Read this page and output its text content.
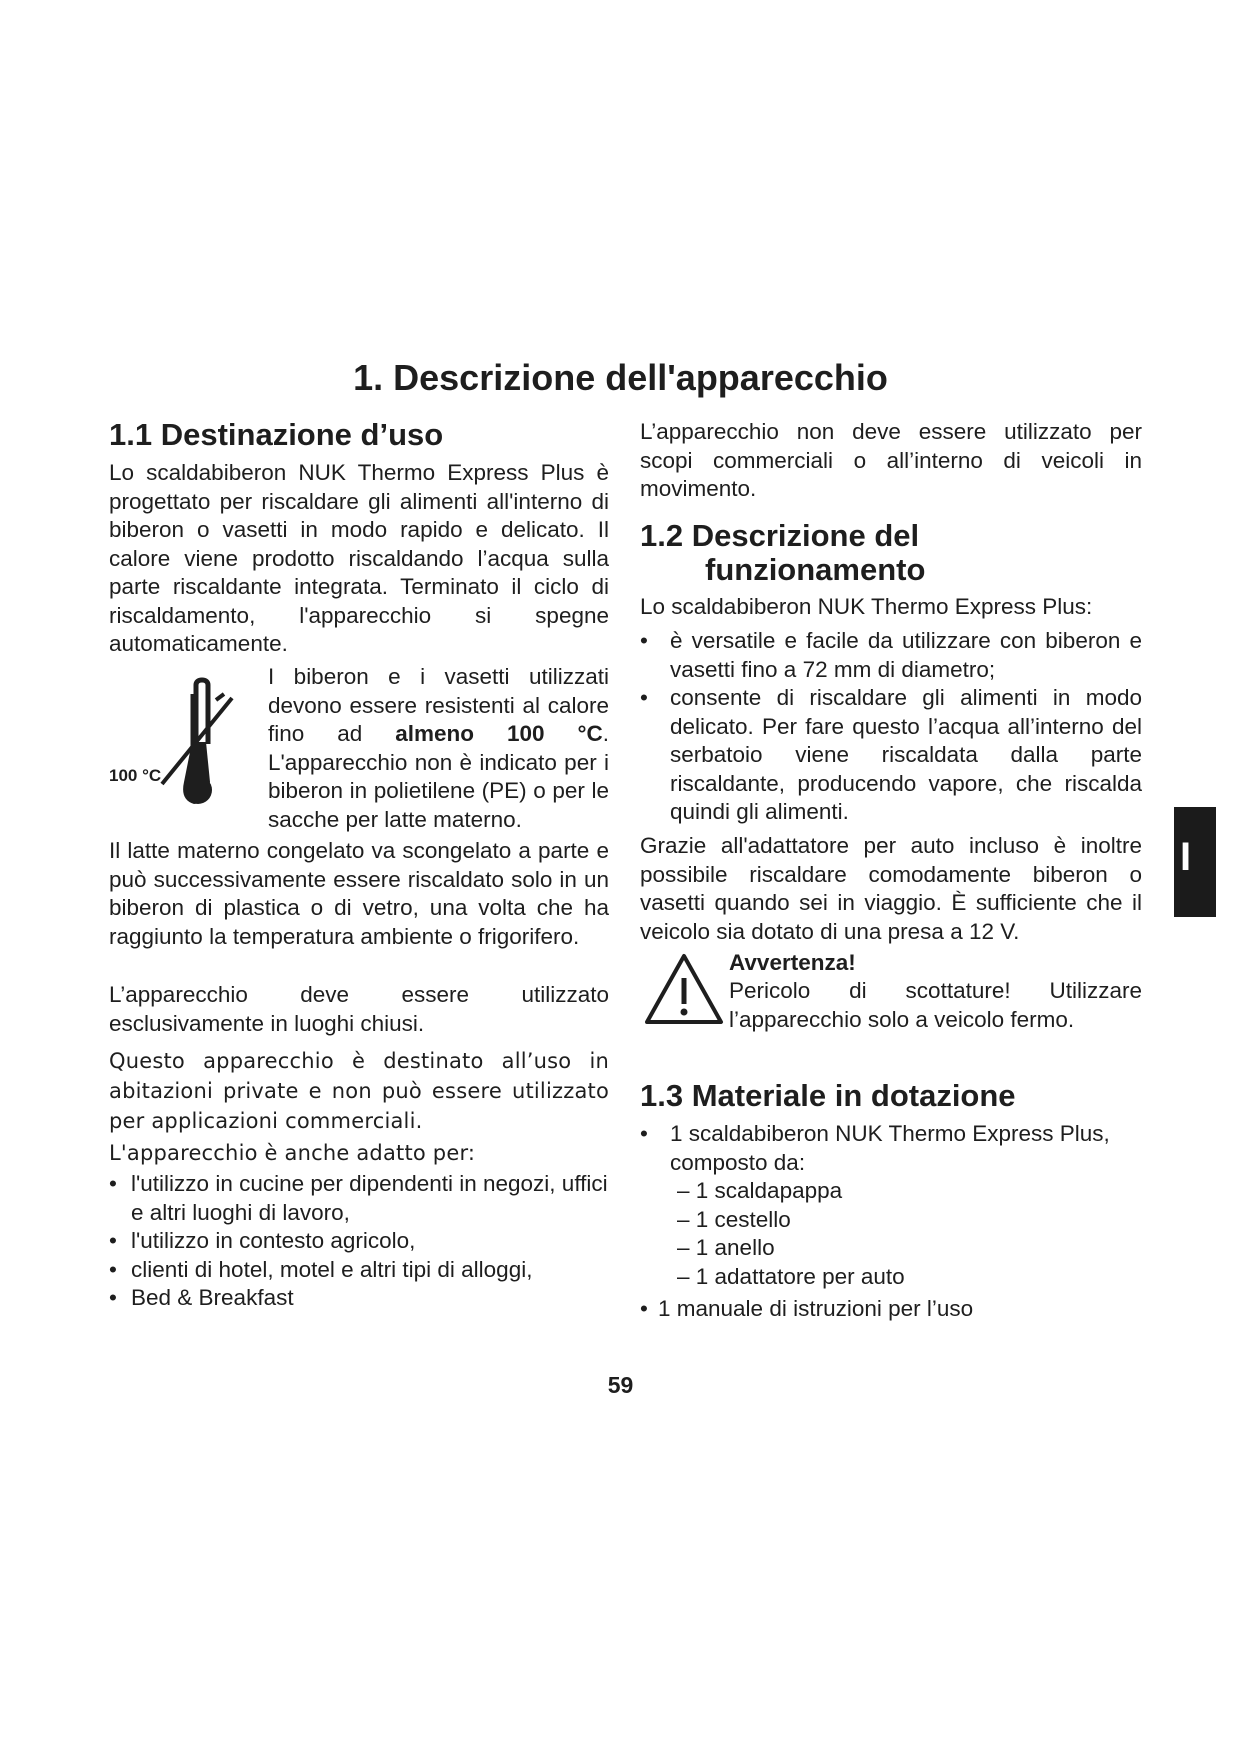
1. Descrizione dell'apparecchio
1.1 Destinazione d’uso

Lo scaldabiberon NUK Thermo Express Plus è progettato per riscaldare gli alimenti all'interno di biberon o vasetti in modo rapido e delicato. Il calore viene prodotto riscaldando l’acqua sulla parte riscaldante integrata. Terminato il ciclo di riscaldamento, l'apparecchio si spegne automaticamente.

100 °C

I biberon e i vasetti utilizzati devono essere resistenti al calore fino ad almeno 100 °C. L'apparecchio non è indicato per i biberon in polietilene (PE) o per le sacche per latte materno.

Il latte materno congelato va scongelato a parte e può successivamente essere riscaldato solo in un biberon di plastica o di vetro, una volta che ha raggiunto la temperatura ambiente o frigorifero.

L’apparecchio deve essere utilizzato esclusivamente in luoghi chiusi.

Questo apparecchio è destinato all’uso in abitazioni private e non può essere utilizzato per applicazioni commerciali.

L'apparecchio è anche adatto per:

• l'utilizzo in cucine per dipendenti in negozi, uffici e altri luoghi di lavoro,
• l'utilizzo in contesto agricolo,
• clienti di hotel, motel e altri tipi di alloggi,
• Bed & Breakfast

L’apparecchio non deve essere utilizzato per scopi commerciali o all’interno di veicoli in movimento.

1.2 Descrizione del
funzionamento

Lo scaldabiberon NUK Thermo Express Plus:

• è versatile e facile da utilizzare con biberon e vasetti fino a 72 mm di diametro;
• consente di riscaldare gli alimenti in modo delicato. Per fare questo l’acqua all’interno del serbatoio viene riscaldata dalla parte riscaldante, producendo vapore, che riscalda quindi gli alimenti.

Grazie all'adattatore per auto incluso è inoltre possibile riscaldare comodamente biberon o vasetti quando sei in viaggio. È sufficiente che il veicolo sia dotato di una presa a 12 V.

Avvertenza!

Pericolo di scottature! Utilizzare l’apparecchio solo a veicolo fermo.

1.3 Materiale in dotazione
• 1 scaldabiberon NUK Thermo Express Plus, composto da:
– 1 scaldapappa
– 1 cestello
– 1 anello
– 1 adattatore per auto
• 1 manuale di istruzioni per l’uso
I
59
